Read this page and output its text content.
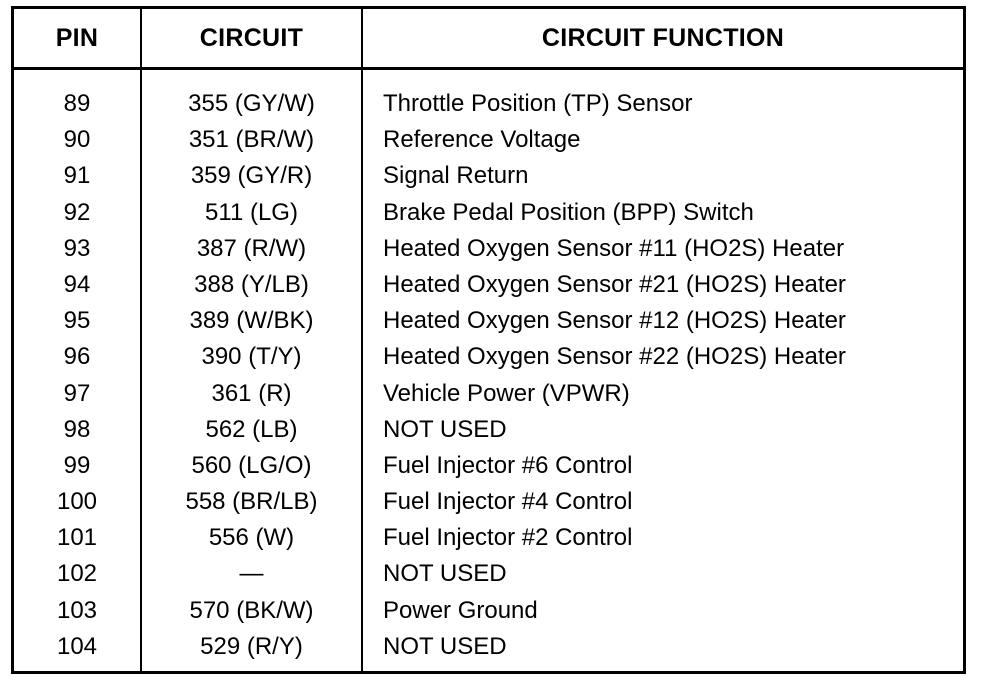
PIN	CIRCUIT	CIRCUIT FUNCTION
89	355 (GY/W)	Throttle Position (TP) Sensor
90	351 (BR/W)	Reference Voltage
91	359 (GY/R)	Signal Return
92	511 (LG)	Brake Pedal Position (BPP) Switch
93	387 (R/W)	Heated Oxygen Sensor #11 (HO2S) Heater
94	388 (Y/LB)	Heated Oxygen Sensor #21 (HO2S) Heater
95	389 (W/BK)	Heated Oxygen Sensor #12 (HO2S) Heater
96	390 (T/Y)	Heated Oxygen Sensor #22 (HO2S) Heater
97	361 (R)	Vehicle Power (VPWR)
98	562 (LB)	NOT USED
99	560 (LG/O)	Fuel Injector #6 Control
100	558 (BR/LB)	Fuel Injector #4 Control
101	556 (W)	Fuel Injector #2 Control
102	—	NOT USED
103	570 (BK/W)	Power Ground
104	529 (R/Y)	NOT USED
